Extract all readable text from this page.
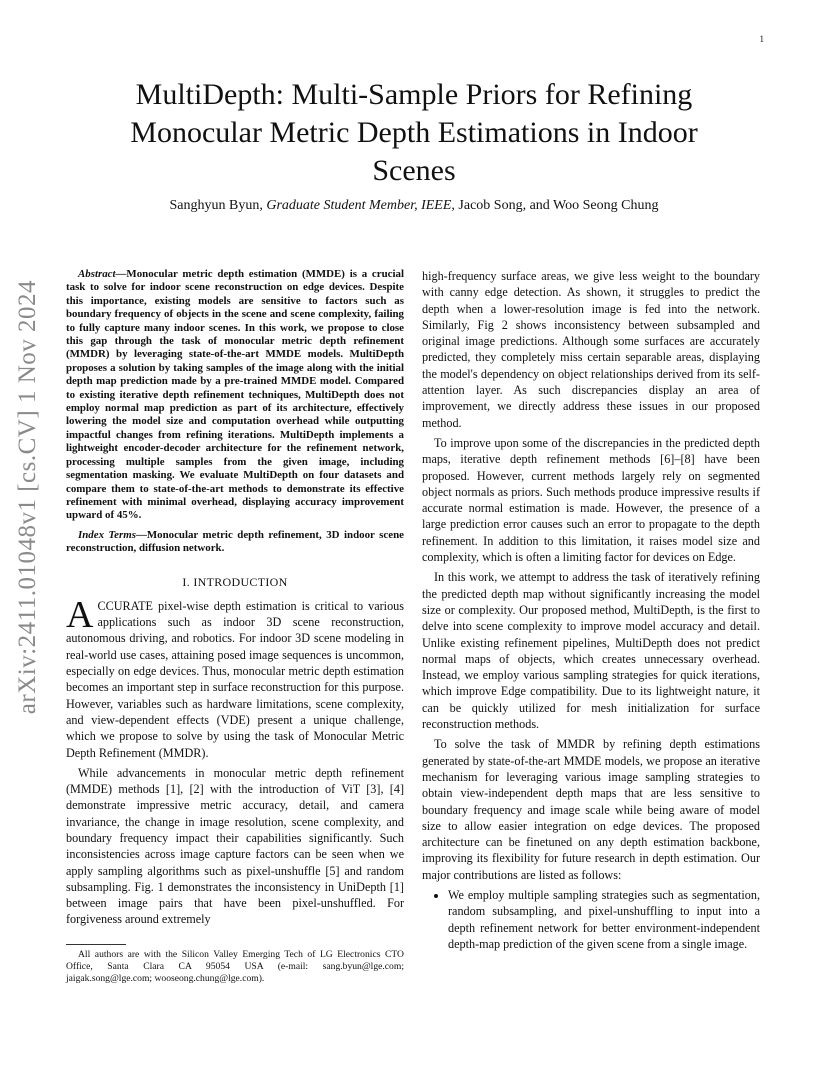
1
arXiv:2411.01048v1 [cs.CV] 1 Nov 2024
MultiDepth: Multi-Sample Priors for Refining Monocular Metric Depth Estimations in Indoor Scenes
Sanghyun Byun, Graduate Student Member, IEEE, Jacob Song, and Woo Seong Chung

Abstract—Monocular metric depth estimation (MMDE) is a crucial task to solve for indoor scene reconstruction on edge devices. Despite this importance, existing models are sensitive to factors such as boundary frequency of objects in the scene and scene complexity, failing to fully capture many indoor scenes. In this work, we propose to close this gap through the task of monocular metric depth refinement (MMDR) by leveraging state-of-the-art MMDE models. MultiDepth proposes a solution by taking samples of the image along with the initial depth map prediction made by a pre-trained MMDE model. Compared to existing iterative depth refinement techniques, MultiDepth does not employ normal map prediction as part of its architecture, effectively lowering the model size and computation overhead while outputting impactful changes from refining iterations. MultiDepth implements a lightweight encoder-decoder architecture for the refinement network, processing multiple samples from the given image, including segmentation masking. We evaluate MultiDepth on four datasets and compare them to state-of-the-art methods to demonstrate its effective refinement with minimal overhead, displaying accuracy improvement upward of 45%.

Index Terms—Monocular metric depth refinement, 3D indoor scene reconstruction, diffusion network.

I. INTRODUCTION

ACCURATE pixel-wise depth estimation is critical to various applications such as indoor 3D scene reconstruction, autonomous driving, and robotics. For indoor 3D scene modeling in real-world use cases, attaining posed image sequences is uncommon, especially on edge devices. Thus, monocular metric depth estimation becomes an important step in surface reconstruction for this purpose. However, variables such as hardware limitations, scene complexity, and view-dependent effects (VDE) present a unique challenge, which we propose to solve by using the task of Monocular Metric Depth Refinement (MMDR).

While advancements in monocular metric depth refinement (MMDE) methods [1], [2] with the introduction of ViT [3], [4] demonstrate impressive metric accuracy, detail, and camera invariance, the change in image resolution, scene complexity, and boundary frequency impact their capabilities significantly. Such inconsistencies across image capture factors can be seen when we apply sampling algorithms such as pixel-unshuffle [5] and random subsampling. Fig. 1 demonstrates the inconsistency in UniDepth [1] between image pairs that have been pixel-unshuffled. For forgiveness around extremely

All authors are with the Silicon Valley Emerging Tech of LG Electronics CTO Office, Santa Clara CA 95054 USA (e-mail: sang.byun@lge.com; jaigak.song@lge.com; wooseong.chung@lge.com).

high-frequency surface areas, we give less weight to the boundary with canny edge detection. As shown, it struggles to predict the depth when a lower-resolution image is fed into the network. Similarly, Fig 2 shows inconsistency between subsampled and original image predictions. Although some surfaces are accurately predicted, they completely miss certain separable areas, displaying the model's dependency on object relationships derived from its self-attention layer. As such discrepancies display an area of improvement, we directly address these issues in our proposed method.

To improve upon some of the discrepancies in the predicted depth maps, iterative depth refinement methods [6]–[8] have been proposed. However, current methods largely rely on segmented object normals as priors. Such methods produce impressive results if accurate normal estimation is made. However, the presence of a large prediction error causes such an error to propagate to the depth refinement. In addition to this limitation, it raises model size and complexity, which is often a limiting factor for devices on Edge.

In this work, we attempt to address the task of iteratively refining the predicted depth map without significantly increasing the model size or complexity. Our proposed method, MultiDepth, is the first to delve into scene complexity to improve model accuracy and detail. Unlike existing refinement pipelines, MultiDepth does not predict normal maps of objects, which creates unnecessary overhead. Instead, we employ various sampling strategies for quick iterations, which improve Edge compatibility. Due to its lightweight nature, it can be quickly utilized for mesh initialization for surface reconstruction methods.

To solve the task of MMDR by refining depth estimations generated by state-of-the-art MMDE models, we propose an iterative mechanism for leveraging various image sampling strategies to obtain view-independent depth maps that are less sensitive to boundary frequency and image scale while being aware of model size to allow easier integration on edge devices. The proposed architecture can be finetuned on any depth estimation backbone, improving its flexibility for future research in depth estimation. Our major contributions are listed as follows:

• We employ multiple sampling strategies such as segmentation, random subsampling, and pixel-unshuffling to input into a depth refinement network for better environment-independent depth-map prediction of the given scene from a single image.
